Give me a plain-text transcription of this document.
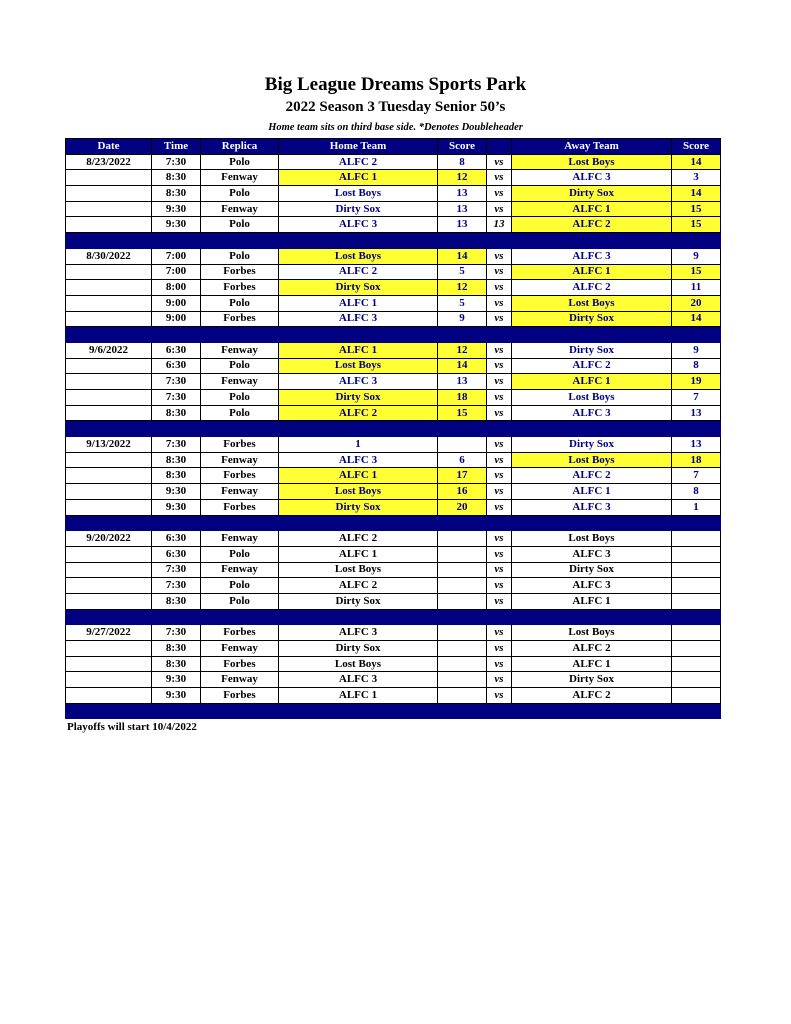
Big League Dreams Sports Park
2022 Season 3 Tuesday Senior 50’s
Home team sits on third base side. *Denotes Doubleheader
Date	Time	Replica	Home Team	Score		Away Team	Score
8/23/2022	7:30	Polo	ALFC 2	8	vs	Lost Boys	14
	8:30	Fenway	ALFC 1	12	vs	ALFC 3	3
	8:30	Polo	Lost Boys	13	vs	Dirty Sox	14
	9:30	Fenway	Dirty Sox	13	vs	ALFC 1	15
	9:30	Polo	ALFC 3	13	13	ALFC 2	15

8/30/2022	7:00	Polo	Lost Boys	14	vs	ALFC 3	9
	7:00	Forbes	ALFC 2	5	vs	ALFC 1	15
	8:00	Forbes	Dirty Sox	12	vs	ALFC 2	11
	9:00	Polo	ALFC 1	5	vs	Lost Boys	20
	9:00	Forbes	ALFC 3	9	vs	Dirty Sox	14

9/6/2022	6:30	Fenway	ALFC 1	12	vs	Dirty Sox	9
	6:30	Polo	Lost Boys	14	vs	ALFC 2	8
	7:30	Fenway	ALFC 3	13	vs	ALFC 1	19
	7:30	Polo	Dirty Sox	18	vs	Lost Boys	7
	8:30	Polo	ALFC 2	15	vs	ALFC 3	13

9/13/2022	7:30	Forbes	1		vs	Dirty Sox	13
	8:30	Fenway	ALFC 3	6	vs	Lost Boys	18
	8:30	Forbes	ALFC 1	17	vs	ALFC 2	7
	9:30	Fenway	Lost Boys	16	vs	ALFC 1	8
	9:30	Forbes	Dirty Sox	20	vs	ALFC 3	1

9/20/2022	6:30	Fenway	ALFC 2		vs	Lost Boys	
	6:30	Polo	ALFC 1		vs	ALFC 3	
	7:30	Fenway	Lost Boys		vs	Dirty Sox	
	7:30	Polo	ALFC 2		vs	ALFC 3	
	8:30	Polo	Dirty Sox		vs	ALFC 1	

9/27/2022	7:30	Forbes	ALFC 3		vs	Lost Boys	
	8:30	Fenway	Dirty Sox		vs	ALFC 2	
	8:30	Forbes	Lost Boys		vs	ALFC 1	
	9:30	Fenway	ALFC 3		vs	Dirty Sox	
	9:30	Forbes	ALFC 1		vs	ALFC 2	

Playoffs will start 10/4/2022
